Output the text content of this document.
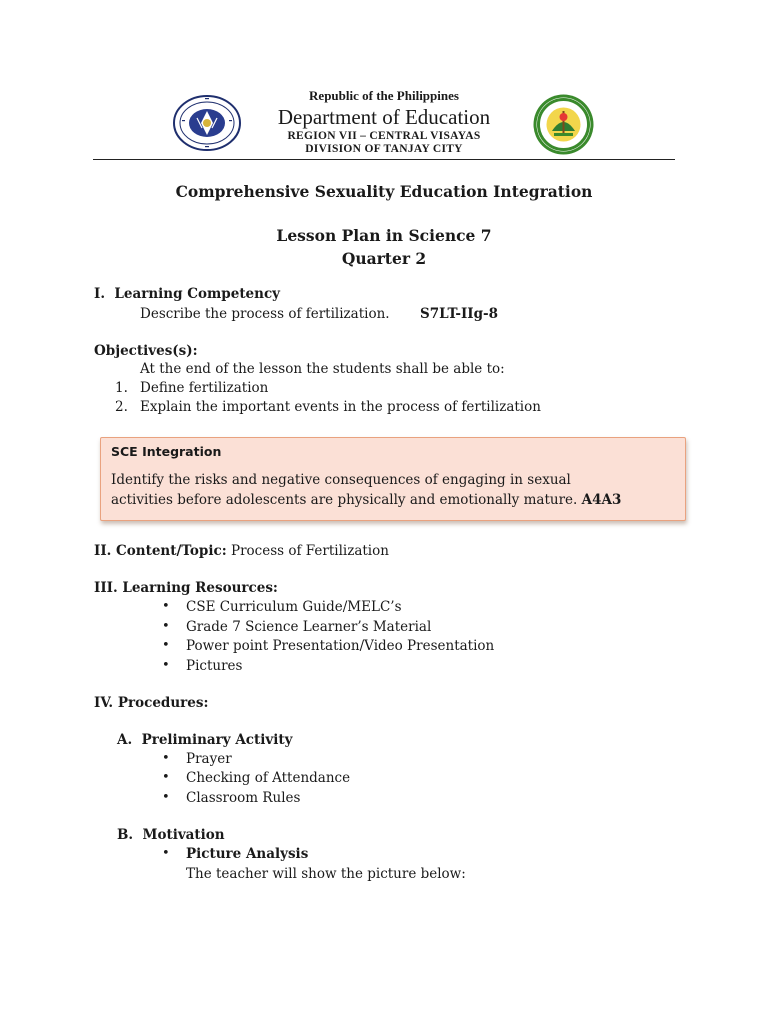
Republic of the Philippines
Department of Education
REGION VII – CENTRAL VISAYAS
DIVISION OF TANJAY CITY
Comprehensive Sexuality Education Integration
Lesson Plan in Science 7
Quarter 2
I.  Learning Competency
Describe the process of fertilization. S7LT-IIg-8
Objectives(s):
At the end of the lesson the students shall be able to:
1. Define fertilization
2. Explain the important events in the process of fertilization
SCE Integration
Identify the risks and negative consequences of engaging in sexual
activities before adolescents are physically and emotionally mature. A4A3
II. Content/Topic: Process of Fertilization
III. Learning Resources:
• CSE Curriculum Guide/MELC’s
• Grade 7 Science Learner’s Material
• Power point Presentation/Video Presentation
• Pictures
IV. Procedures:
A.  Preliminary Activity
• Prayer
• Checking of Attendance
• Classroom Rules
B.  Motivation
• Picture Analysis
The teacher will show the picture below:
